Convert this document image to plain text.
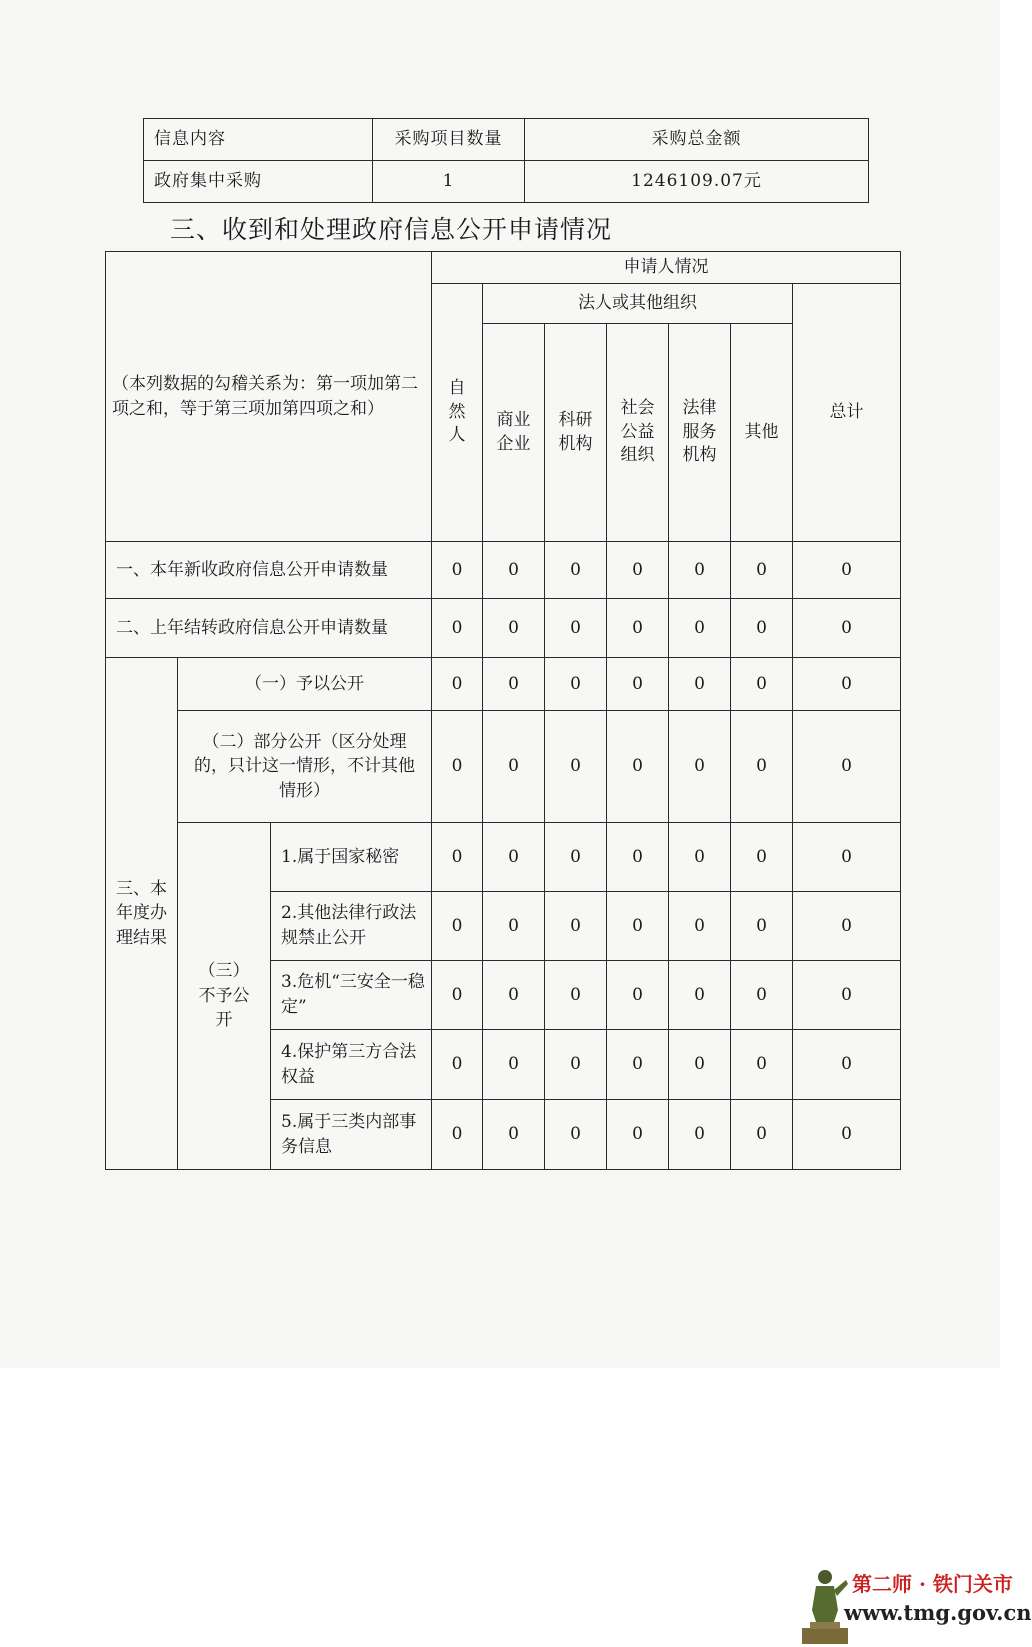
信息内容	采购项目数量	采购总金额
政府集中采购	1	1246109.07元
三、收到和处理政府信息公开申请情况
（本列数据的勾稽关系为：第一项加第二项之和，等于第三项加第四项之和）			申请人情况						
			自然人	法人或其他组织					总计
				商业企业	科研机构	社会公益组织	法律服务机构	其他	
一、本年新收政府信息公开申请数量			0	0	0	0	0	0	0
二、上年结转政府信息公开申请数量			0	0	0	0	0	0	0

三、本年度办理结果	（一）予以公开		0	0	0	0	0	0	0

	（二）部分公开（区分处理的，只计这一情形，不计其他情形）		0	0	0	0	0	0	0

	（三）不予公开	1.属于国家秘密	0	0	0	0	0	0	0
		2.其他法律行政法规禁止公开	0	0	0	0	0	0	0
		3.危机“三安全一稳定”	0	0	0	0	0	0	0
		4.保护第三方合法权益	0	0	0	0	0	0	0
		5.属于三类内部事务信息	0	0	0	0	0	0	0
第二师 · 铁门关市
www.tmg.gov.cn
